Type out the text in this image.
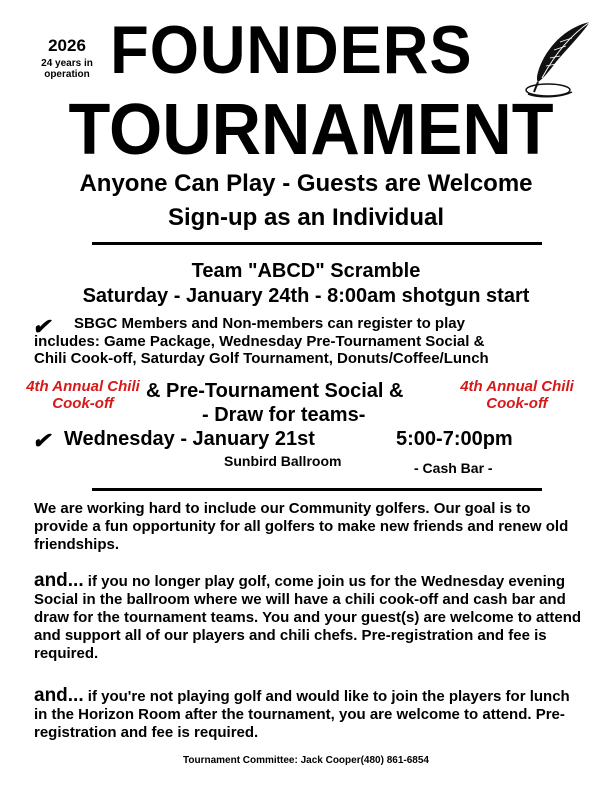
2026
24 years in operation FOUNDERS
TOURNAMENT
Anyone Can Play - Guests are Welcome
Sign-up as an Individual
Team "ABCD" Scramble
Saturday - January 24th - 8:00am shotgun start
✔ SBGC Members and Non-members can register to play
includes: Game Package, Wednesday Pre-Tournament Social &
Chili Cook-off, Saturday Golf Tournament, Donuts/Coffee/Lunch
4th Annual Chili Cook-off
4th Annual Chili Cook-off
& Pre-Tournament Social &
- Draw for teams-
✔ Wednesday - January 21st	5:00-7:00pm
Sunbird Ballroom	- Cash Bar -
We are working hard to include our Community golfers. Our goal is to provide a fun opportunity for all golfers to make new friends and renew old friendships.
and... if you no longer play golf, come join us for the Wednesday evening Social in the ballroom where we will have a chili cook-off and cash bar and draw for the tournament teams. You and your guest(s) are welcome to attend and support all of our players and chili chefs. Pre-registration and fee is required.
and... if you're not playing golf and would like to join the players for lunch in the Horizon Room after the tournament, you are welcome to attend. Pre-registration and fee is required.
Tournament Committee: Jack Cooper(480) 861-6854
